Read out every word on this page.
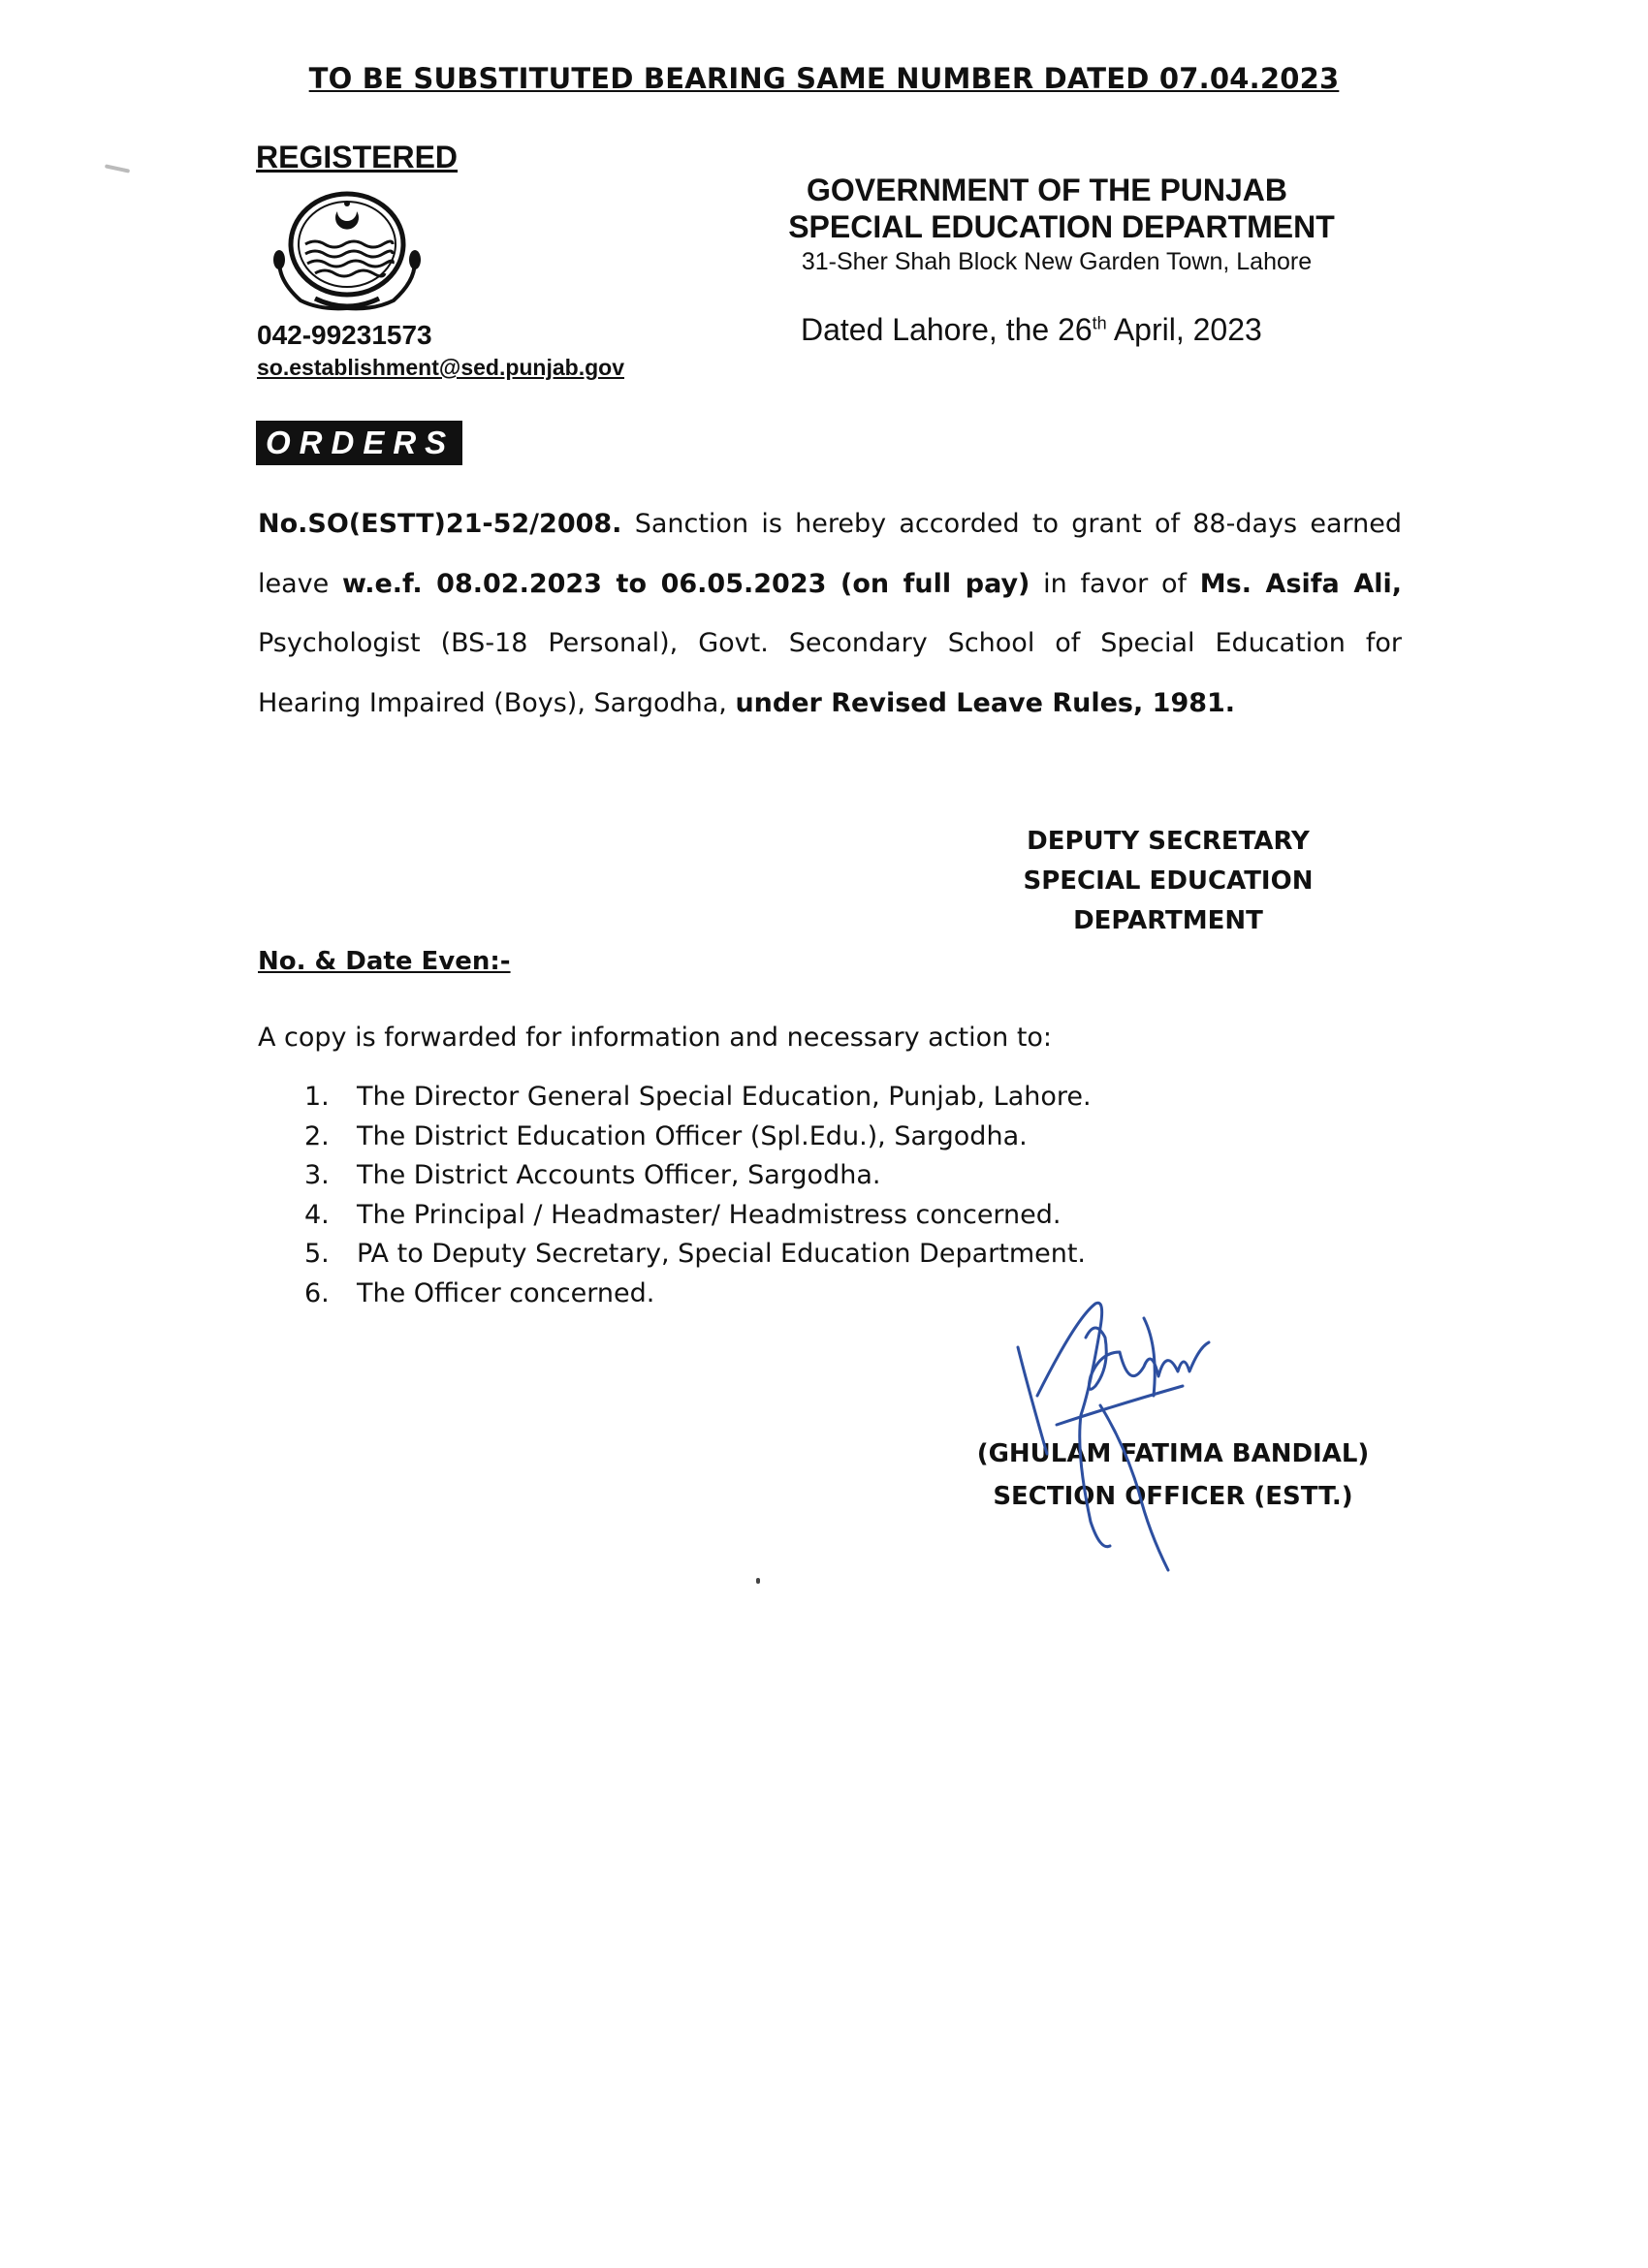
TO BE SUBSTITUTED BEARING SAME NUMBER DATED 07.04.2023
REGISTERED
042-99231573
so.establishment@sed.punjab.gov
GOVERNMENT OF THE PUNJAB
SPECIAL EDUCATION DEPARTMENT
31-Sher Shah Block New Garden Town, Lahore
Dated Lahore, the 26th April, 2023
ORDERS
No.SO(ESTT)21-52/2008. Sanction is hereby accorded to grant of 88-days earned leave w.e.f. 08.02.2023 to 06.05.2023 (on full pay) in favor of Ms. Asifa Ali, Psychologist (BS-18 Personal), Govt. Secondary School of Special Education for Hearing Impaired (Boys), Sargodha, under Revised Leave Rules, 1981.
DEPUTY SECRETARY
SPECIAL EDUCATION
DEPARTMENT
No. & Date Even:-
A copy is forwarded for information and necessary action to:
1.	The Director General Special Education, Punjab, Lahore.
2.	The District Education Officer (Spl.Edu.), Sargodha.
3.	The District Accounts Officer, Sargodha.
4.	The Principal / Headmaster/ Headmistress concerned.
5.	PA to Deputy Secretary, Special Education Department.
6.	The Officer concerned.
(GHULAM FATIMA BANDIAL)
SECTION OFFICER (ESTT.)
